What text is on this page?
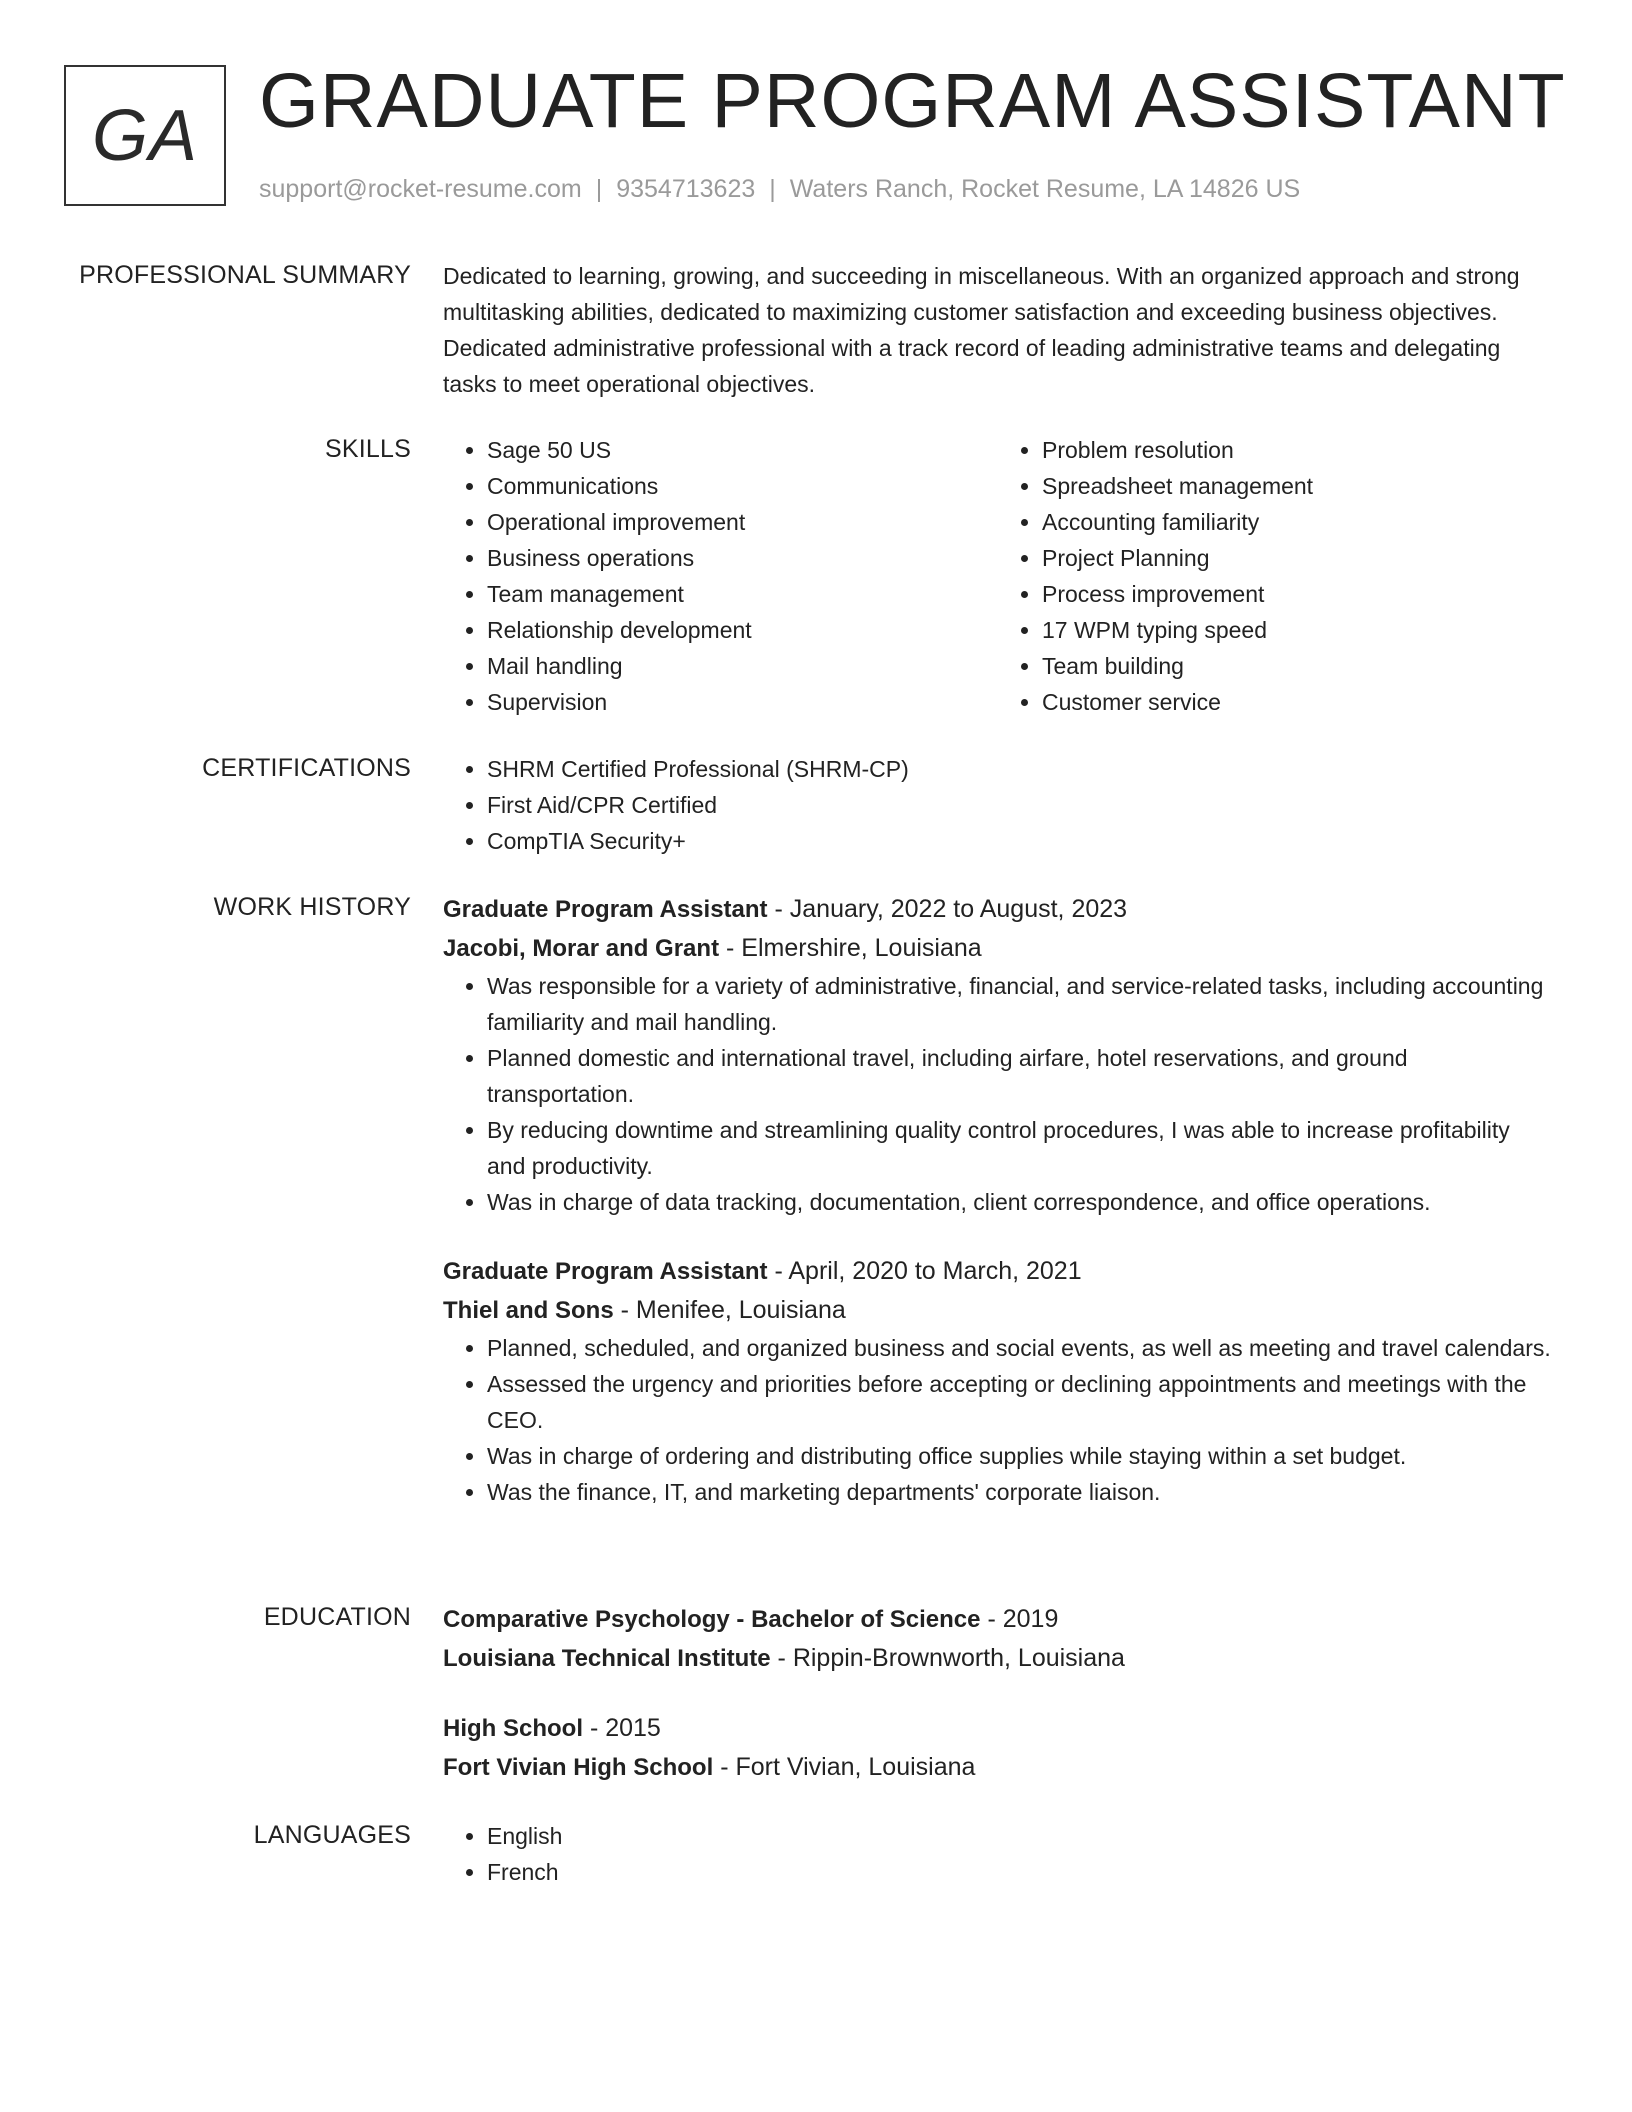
GA GRADUATE PROGRAM ASSISTANT
support@rocket-resume.com | 9354713623 | Waters Ranch, Rocket Resume, LA 14826 US
PROFESSIONAL SUMMARY Dedicated to learning, growing, and succeeding in miscellaneous. With an organized approach and strong multitasking abilities, dedicated to maximizing customer satisfaction and exceeding business objectives. Dedicated administrative professional with a track record of leading administrative teams and delegating tasks to meet operational objectives.

SKILLS	• Sage 50 US
• Communications
• Operational improvement
• Business operations
• Team management
• Relationship development
• Mail handling
• Supervision
• Problem resolution
• Spreadsheet management
• Accounting familiarity
• Project Planning
• Process improvement
• 17 WPM typing speed
• Team building
• Customer service
CERTIFICATIONS	• SHRM Certified Professional (SHRM-CP)
• First Aid/CPR Certified
• CompTIA Security+
WORK HISTORY Graduate Program Assistant - January, 2022 to August, 2023
Jacobi, Morar and Grant - Elmershire, Louisiana
• Was responsible for a variety of administrative, financial, and service-related tasks, including accounting familiarity and mail handling.
• Planned domestic and international travel, including airfare, hotel reservations, and ground transportation.
• By reducing downtime and streamlining quality control procedures, I was able to increase profitability and productivity.
• Was in charge of data tracking, documentation, client correspondence, and office operations.
Graduate Program Assistant - April, 2020 to March, 2021
Thiel and Sons - Menifee, Louisiana
• Planned, scheduled, and organized business and social events, as well as meeting and travel calendars.
• Assessed the urgency and priorities before accepting or declining appointments and meetings with the CEO.
• Was in charge of ordering and distributing office supplies while staying within a set budget.
• Was the finance, IT, and marketing departments' corporate liaison.
EDUCATION Comparative Psychology - Bachelor of Science - 2019
Louisiana Technical Institute - Rippin-Brownworth, Louisiana
High School - 2015
Fort Vivian High School - Fort Vivian, Louisiana
LANGUAGES	• English
• French
